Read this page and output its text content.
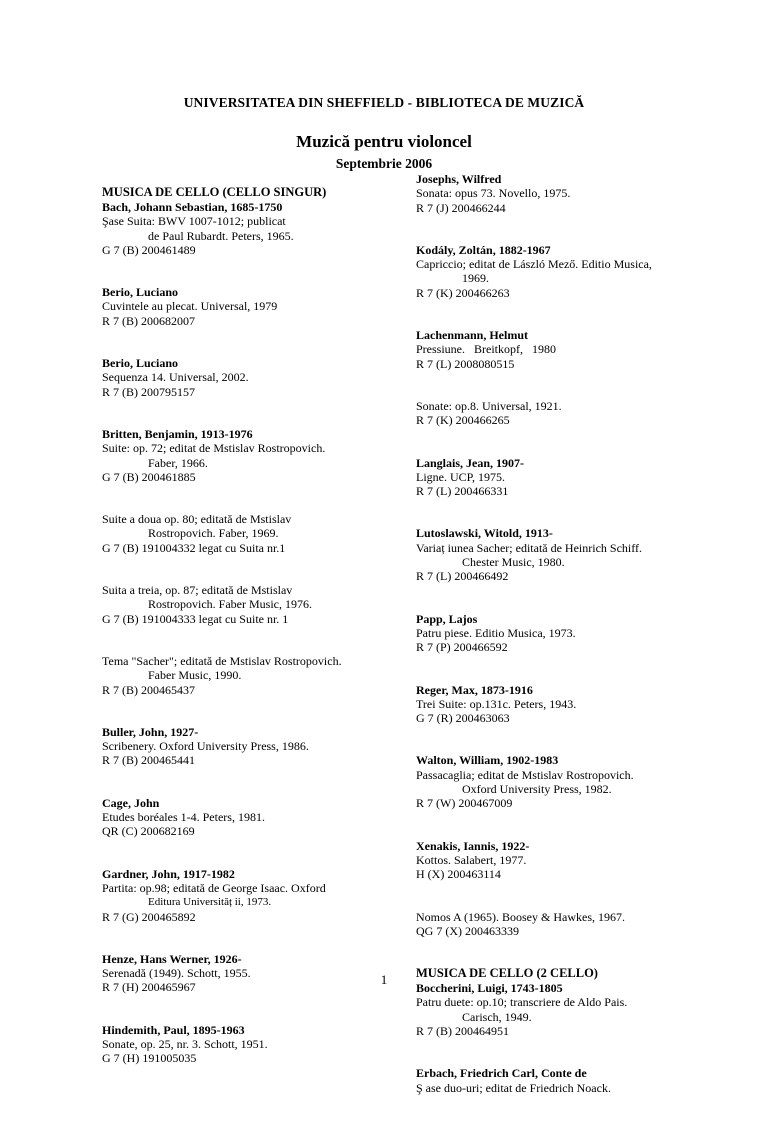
UNIVERSITATEA DIN SHEFFIELD - BIBLIOTECA DE MUZICĂ
Muzică pentru violoncel
Septembrie 2006
MUSICA DE CELLO (CELLO SINGUR)
Bach, Johann Sebastian, 1685-1750
Şase Suita: BWV 1007-1012; publicat
de Paul Rubardt. Peters, 1965.
G 7 (B) 200461489
Berio, Luciano
Cuvintele au plecat. Universal, 1979
R 7 (B) 200682007
Berio, Luciano
Sequenza 14. Universal, 2002.
R 7 (B) 200795157
Britten, Benjamin, 1913-1976
Suite: op. 72; editat de Mstislav Rostropovich.
Faber, 1966.
G 7 (B) 200461885
Suite a doua op. 80; editată de Mstislav
Rostropovich. Faber, 1969.
G 7 (B) 191004332 legat cu Suita nr.1
Suita a treia, op. 87; editată de Mstislav
Rostropovich. Faber Music, 1976.
G 7 (B) 191004333 legat cu Suite nr. 1
Tema "Sacher"; editată de Mstislav Rostropovich.
Faber Music, 1990.
R 7 (B) 200465437
Buller, John, 1927-
Scribenery. Oxford University Press, 1986.
R 7 (B) 200465441
Cage, John
Etudes boréales 1-4. Peters, 1981.
QR (C) 200682169
Gardner, John, 1917-1982
Partita: op.98; editată de George Isaac. Oxford
Editura Universităț ii, 1973.
R 7 (G) 200465892
Henze, Hans Werner, 1926-
Serenadă (1949). Schott, 1955.
R 7 (H) 200465967
Hindemith, Paul, 1895-1963
Sonate, op. 25, nr. 3. Schott, 1951.
G 7 (H) 191005035
Josephs, Wilfred
Sonata: opus 73. Novello, 1975.
R 7 (J) 200466244
Kodály, Zoltán, 1882-1967
Capriccio; editat de László Mező. Editio Musica,
1969.
R 7 (K) 200466263
Lachenmann, Helmut
Pressiune.   Breitkopf,   1980
R 7 (L) 2008080515
Sonate: op.8. Universal, 1921.
R 7 (K) 200466265
Langlais, Jean, 1907-
Ligne. UCP, 1975.
R 7 (L) 200466331
Lutoslawski, Witold, 1913-
Variaț iunea Sacher; editată de Heinrich Schiff.
Chester Music, 1980.
R 7 (L) 200466492
Papp, Lajos
Patru piese. Editio Musica, 1973.
R 7 (P) 200466592
Reger, Max, 1873-1916
Trei Suite: op.131c. Peters, 1943.
G 7 (R) 200463063
Walton, William, 1902-1983
Passacaglia; editat de Mstislav Rostropovich.
Oxford University Press, 1982.
R 7 (W) 200467009
Xenakis, Iannis, 1922-
Kottos. Salabert, 1977.
H (X) 200463114
Nomos A (1965). Boosey & Hawkes, 1967.
QG 7 (X) 200463339
MUSICA DE CELLO (2 CELLO)
Boccherini, Luigi, 1743-1805
Patru duete: op.10; transcriere de Aldo Pais.
Carisch, 1949.
R 7 (B) 200464951
Erbach, Friedrich Carl, Conte de
Ş ase duo-uri; editat de Friedrich Noack.
1
